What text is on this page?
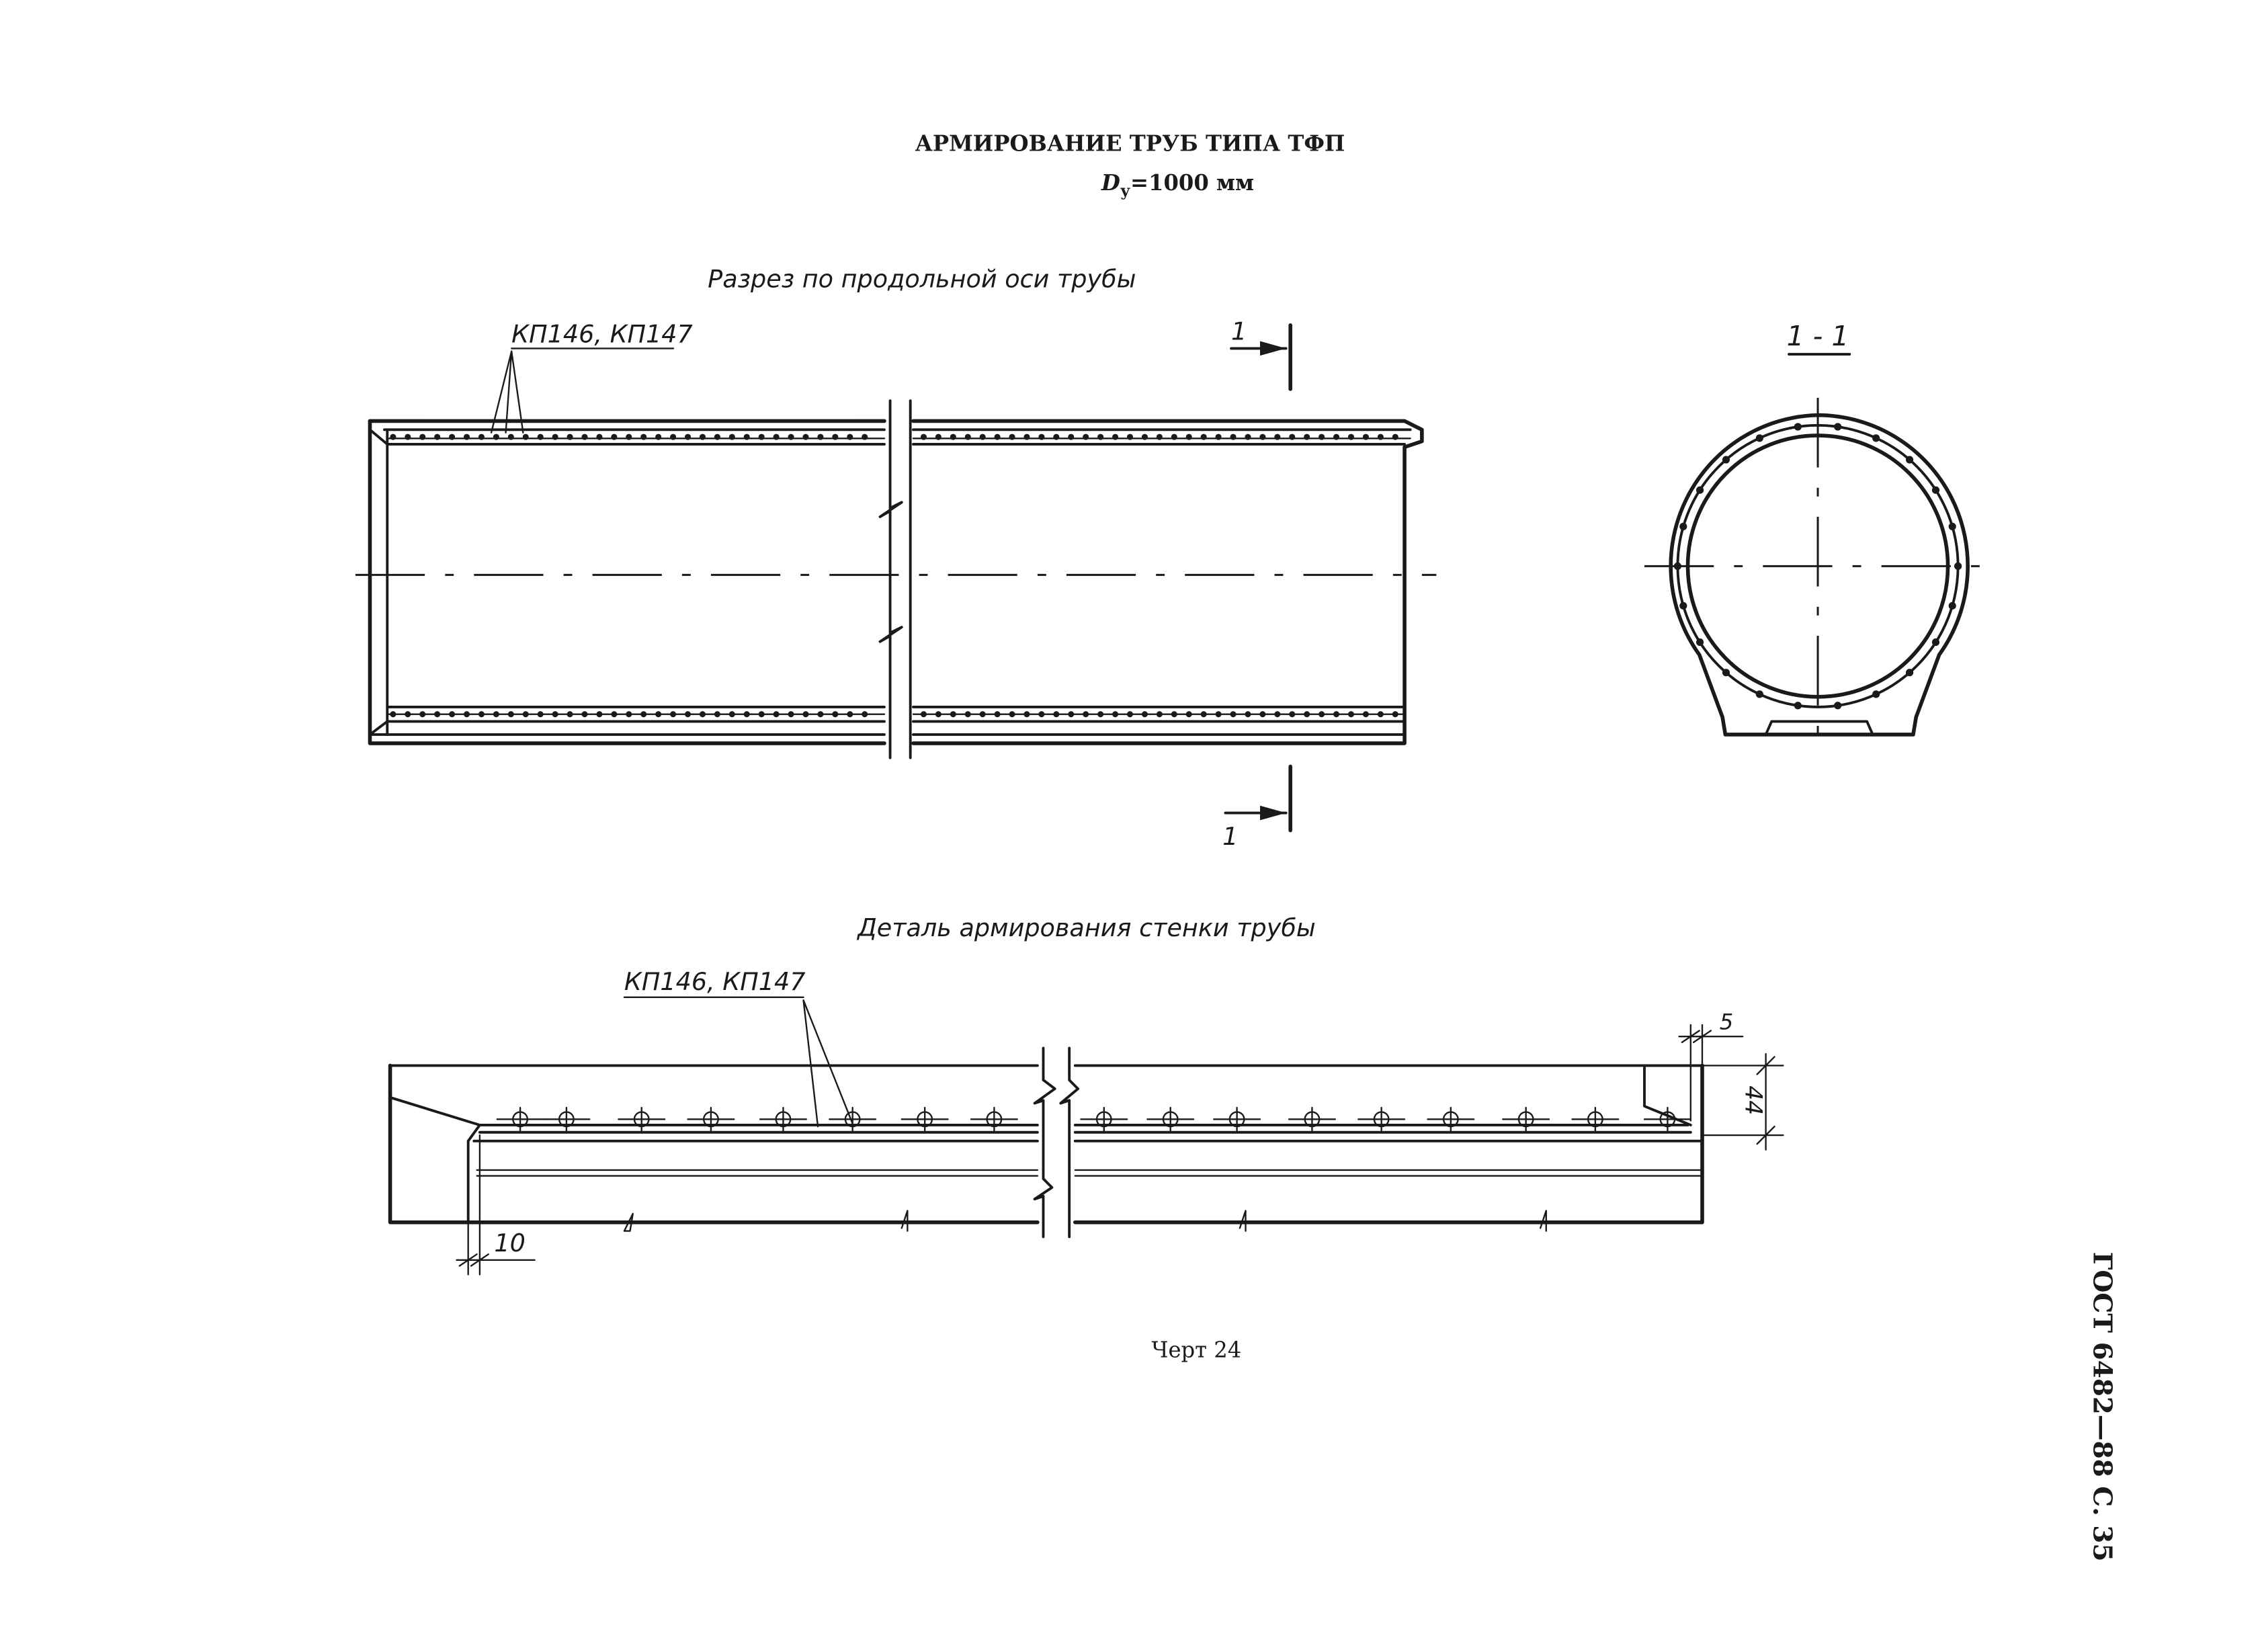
АРМИРОВАНИЕ ТРУБ ТИПА ТФП
$D_у=1000$ мм
Разрез по продольной оси трубы
КП146, КП147	1
1
1 - 1
Деталь армирования стенки трубы
КП146, КП147
10
5
44
Черт 24	ГОСТ 6482—88 С. 35
